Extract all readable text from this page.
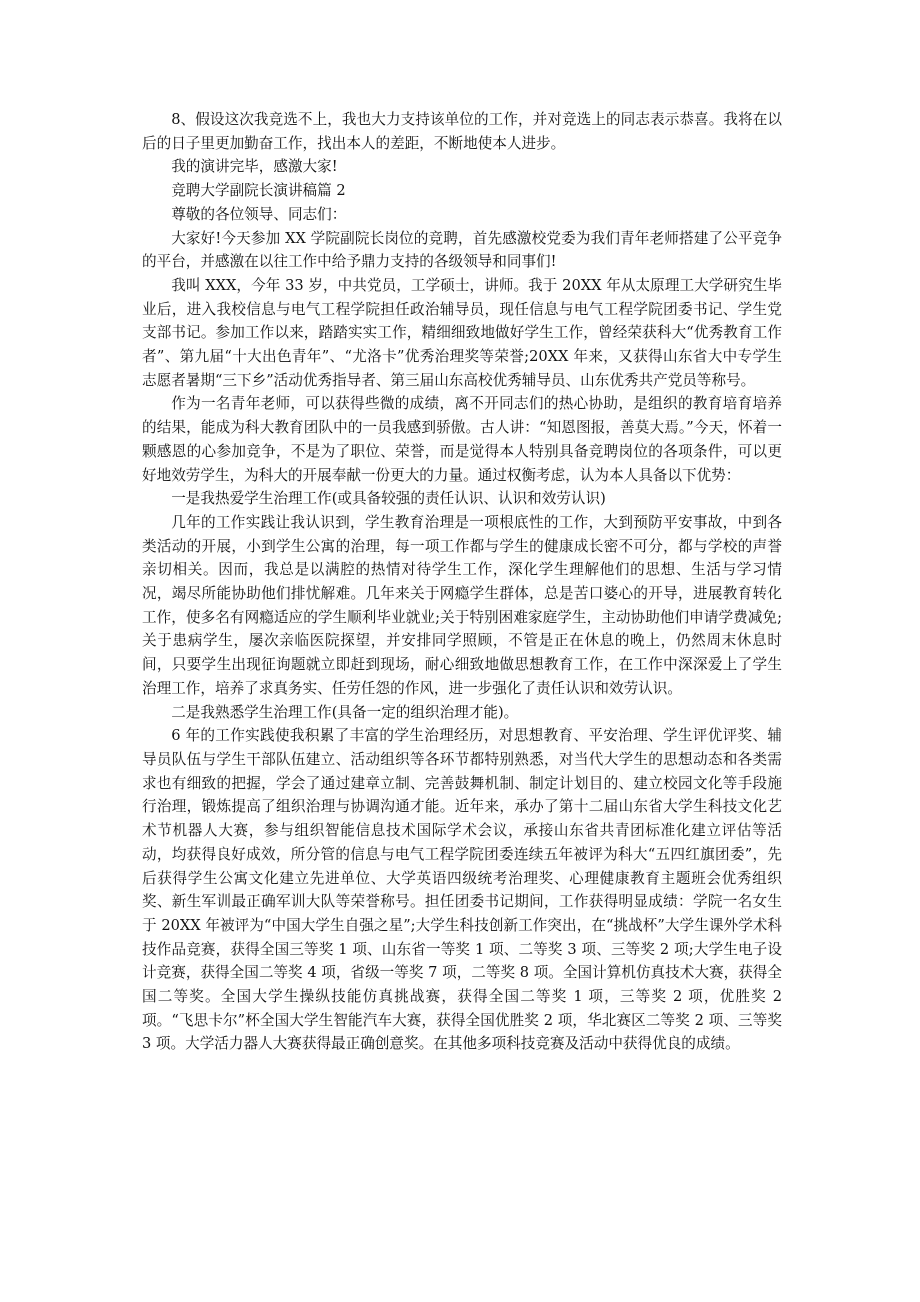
8、假设这次我竞选不上，我也大力支持该单位的工作，并对竞选上的同志表示恭喜。我将在以后的日子里更加勤奋工作，找出本人的差距，不断地使本人进步。

我的演讲完毕，感激大家!

竞聘大学副院长演讲稿篇 2

尊敬的各位领导、同志们：

大家好!今天参加 XX 学院副院长岗位的竞聘，首先感激校党委为我们青年老师搭建了公平竞争的平台，并感激在以往工作中给予鼎力支持的各级领导和同事们!

我叫 XXX，今年 33 岁，中共党员，工学硕士，讲师。我于 20XX 年从太原理工大学研究生毕业后，进入我校信息与电气工程学院担任政治辅导员，现任信息与电气工程学院团委书记、学生党支部书记。参加工作以来，踏踏实实工作，精细细致地做好学生工作，曾经荣获科大“优秀教育工作者”、第九届“十大出色青年”、“尤洛卡”优秀治理奖等荣誉;20XX 年来，又获得山东省大中专学生志愿者暑期“三下乡”活动优秀指导者、第三届山东高校优秀辅导员、山东优秀共产党员等称号。

作为一名青年老师，可以获得些微的成绩，离不开同志们的热心协助，是组织的教育培育培养的结果，能成为科大教育团队中的一员我感到骄傲。古人讲：“知恩图报，善莫大焉。”今天，怀着一颗感恩的心参加竞争，不是为了职位、荣誉，而是觉得本人特别具备竞聘岗位的各项条件，可以更好地效劳学生，为科大的开展奉献一份更大的力量。通过权衡考虑，认为本人具备以下优势：

一是我热爱学生治理工作(或具备较强的责任认识、认识和效劳认识)

几年的工作实践让我认识到，学生教育治理是一项根底性的工作，大到预防平安事故，中到各类活动的开展，小到学生公寓的治理，每一项工作都与学生的健康成长密不可分，都与学校的声誉亲切相关。因而，我总是以满腔的热情对待学生工作，深化学生理解他们的思想、生活与学习情况，竭尽所能协助他们排忧解难。几年来关于网瘾学生群体，总是苦口婆心的开导，进展教育转化工作，使多名有网瘾适应的学生顺利毕业就业;关于特别困难家庭学生，主动协助他们申请学费减免;关于患病学生，屡次亲临医院探望，并安排同学照顾，不管是正在休息的晚上，仍然周末休息时间，只要学生出现征询题就立即赶到现场，耐心细致地做思想教育工作，在工作中深深爱上了学生治理工作，培养了求真务实、任劳任怨的作风，进一步强化了责任认识和效劳认识。

二是我熟悉学生治理工作(具备一定的组织治理才能)。

6 年的工作实践使我积累了丰富的学生治理经历，对思想教育、平安治理、学生评优评奖、辅导员队伍与学生干部队伍建立、活动组织等各环节都特别熟悉，对当代大学生的思想动态和各类需求也有细致的把握，学会了通过建章立制、完善鼓舞机制、制定计划目的、建立校园文化等手段施行治理，锻炼提高了组织治理与协调沟通才能。近年来，承办了第十二届山东省大学生科技文化艺术节机器人大赛，参与组织智能信息技术国际学术会议，承接山东省共青团标准化建立评估等活动，均获得良好成效，所分管的信息与电气工程学院团委连续五年被评为科大“五四红旗团委”，先后获得学生公寓文化建立先进单位、大学英语四级统考治理奖、心理健康教育主题班会优秀组织奖、新生军训最正确军训大队等荣誉称号。担任团委书记期间，工作获得明显成绩：学院一名女生于 20XX 年被评为“中国大学生自强之星”;大学生科技创新工作突出，在“挑战杯”大学生课外学术科技作品竞赛，获得全国三等奖 1 项、山东省一等奖 1 项、二等奖 3 项、三等奖 2 项;大学生电子设计竞赛，获得全国二等奖 4 项，省级一等奖 7 项，二等奖 8 项。全国计算机仿真技术大赛，获得全国二等奖。全国大学生操纵技能仿真挑战赛，获得全国二等奖 1 项，三等奖 2 项，优胜奖 2 项。“飞思卡尔”杯全国大学生智能汽车大赛，获得全国优胜奖 2 项，华北赛区二等奖 2 项、三等奖 3 项。大学活力器人大赛获得最正确创意奖。在其他多项科技竞赛及活动中获得优良的成绩。
